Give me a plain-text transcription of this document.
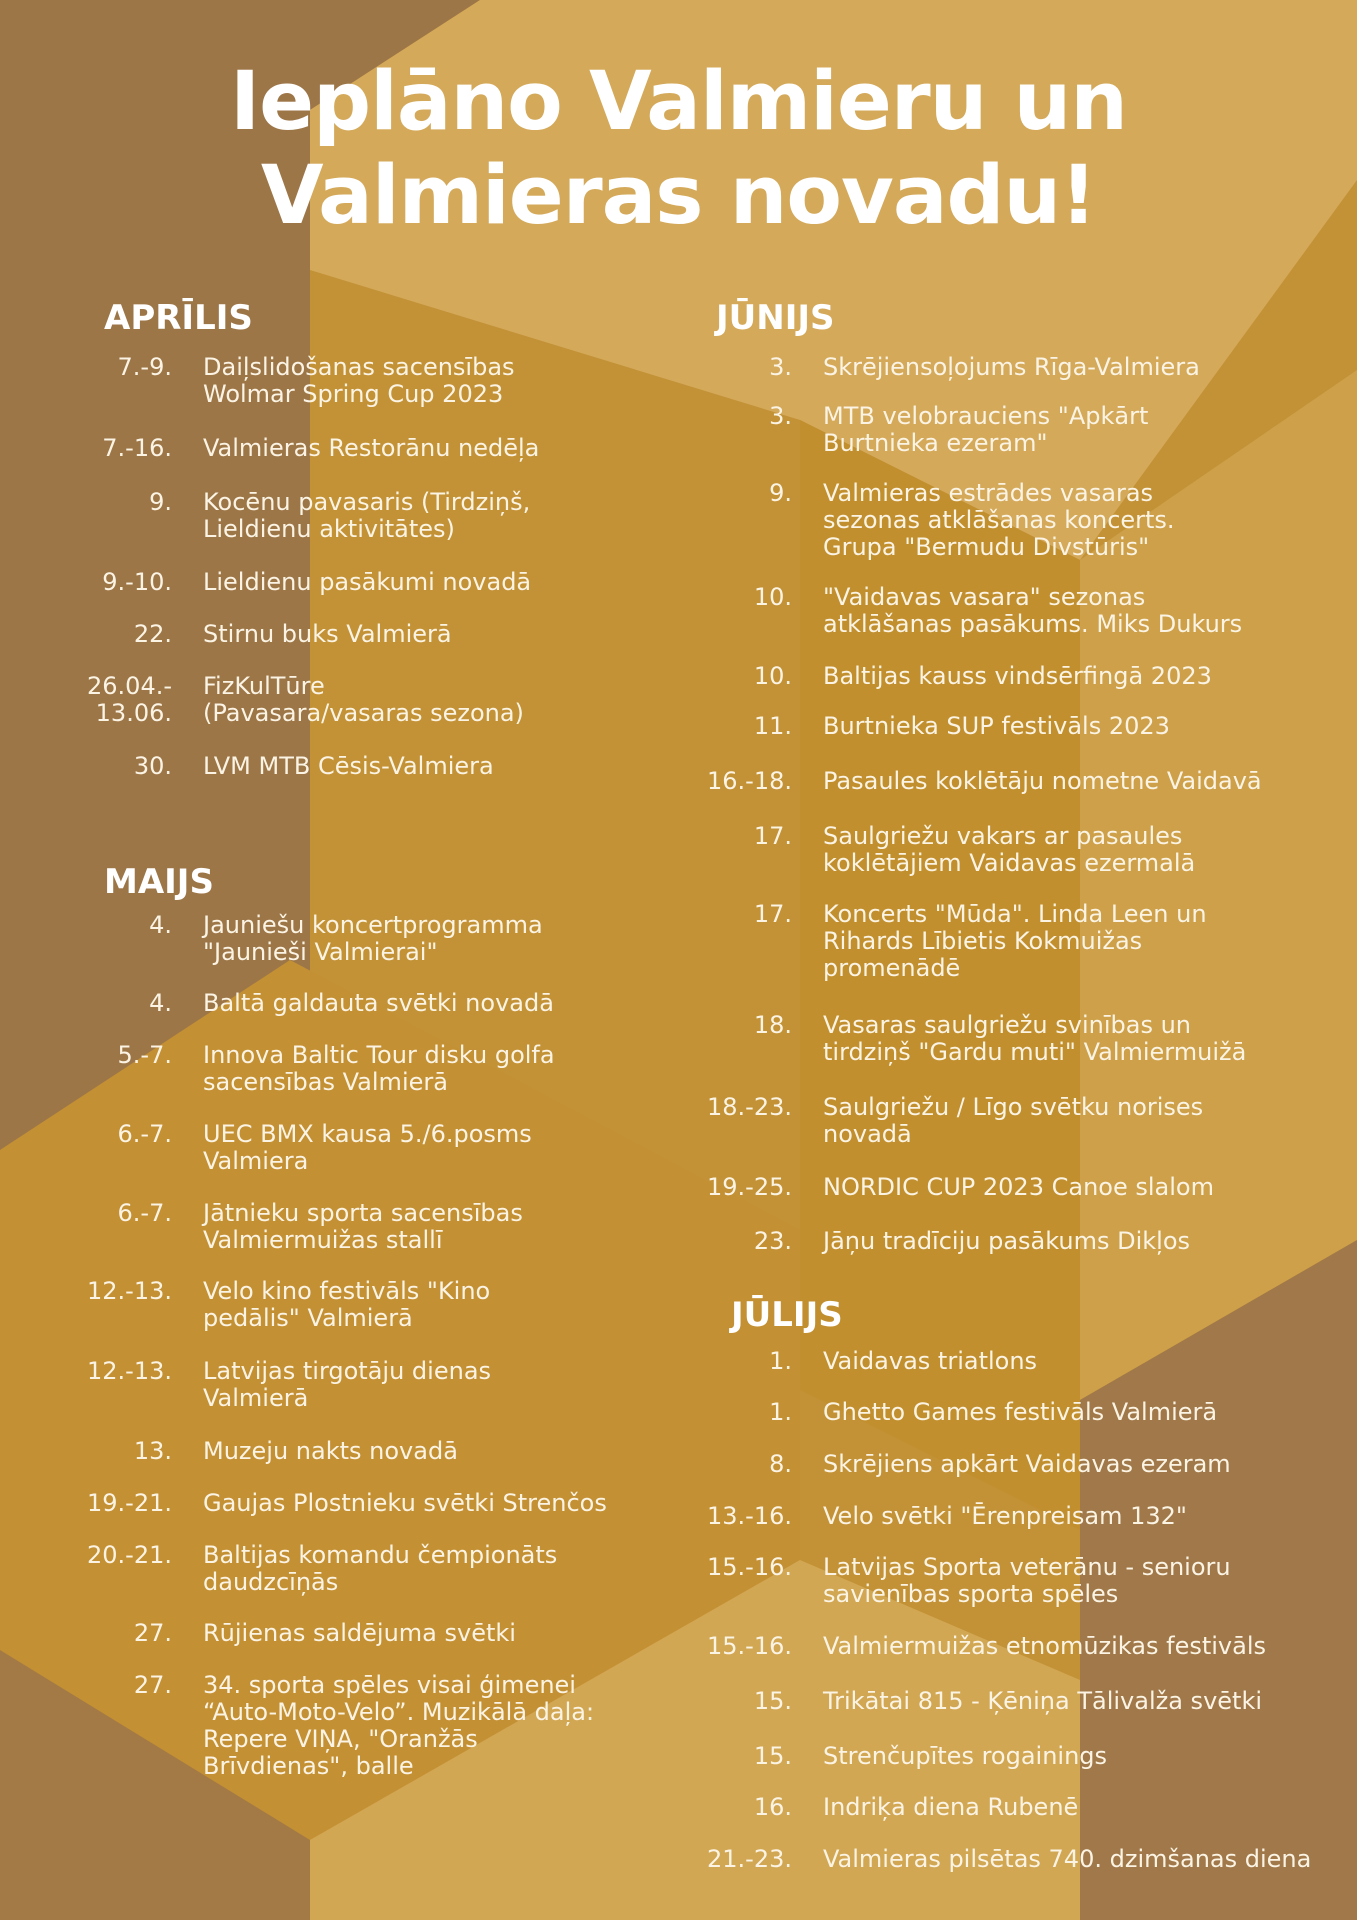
Ieplāno Valmieru un
Valmieras novadu!
APRĪLIS
MAIJS
JŪNIJS
JŪLIJS
7.-9. Daiļslidošanas sacensības
Wolmar Spring Cup 2023
7.-16. Valmieras Restorānu nedēļa
9. Kocēnu pavasaris (Tirdziņš,
Lieldienu aktivitātes)
9.-10. Lieldienu pasākumi novadā
22. Stirnu buks Valmierā
26.04.-
13.06.
FizKulTūre
(Pavasara/vasaras sezona)
30. LVM MTB Cēsis-Valmiera
4. Jauniešu koncertprogramma
"Jaunieši Valmierai"
4. Baltā galdauta svētki novadā
5.-7. Innova Baltic Tour disku golfa
sacensības Valmierā
6.-7. UEC BMX kausa 5./6.posms
Valmiera
6.-7. Jātnieku sporta sacensības
Valmiermuižas stallī
12.-13. Velo kino festivāls "Kino
pedālis" Valmierā
12.-13. Latvijas tirgotāju dienas
Valmierā
13. Muzeju nakts novadā
19.-21. Gaujas Plostnieku svētki Strenčos
20.-21. Baltijas komandu čempionāts
daudzcīņās
27. Rūjienas saldējuma svētki
27. 34. sporta spēles visai ģimenei
“Auto-Moto-Velo”. Muzikālā daļa:
Repere VIŅA, "Oranžās
Brīvdienas", balle
3. Skrējiensoļojums Rīga-Valmiera
3. MTB velobrauciens "Apkārt
Burtnieka ezeram"
9. Valmieras estrādes vasaras
sezonas atklāšanas koncerts.
Grupa "Bermudu Divstūris"
10. "Vaidavas vasara" sezonas
atklāšanas pasākums. Miks Dukurs
10. Baltijas kauss vindsērfingā 2023
11. Burtnieka SUP festivāls 2023
16.-18. Pasaules koklētāju nometne Vaidavā
17. Saulgriežu vakars ar pasaules
koklētājiem Vaidavas ezermalā
17. Koncerts "Mūda". Linda Leen un
Rihards Lībietis Kokmuižas
promenādē
18. Vasaras saulgriežu svinības un
tirdziņš "Gardu muti" Valmiermuižā
18.-23. Saulgriežu / Līgo svētku norises
novadā
19.-25. NORDIC CUP 2023 Canoe slalom
23. Jāņu tradīciju pasākums Dikļos
1. Vaidavas triatlons
1. Ghetto Games festivāls Valmierā
8. Skrējiens apkārt Vaidavas ezeram
13.-16. Velo svētki "Ērenpreisam 132"
15.-16. Latvijas Sporta veterānu - senioru
savienības sporta spēles
15.-16. Valmiermuižas etnomūzikas festivāls
15. Trikātai 815 - Ķēniņa Tālivalža svētki
15. Strenčupītes rogainings
16. Indriķa diena Rubenē
21.-23. Valmieras pilsētas 740. dzimšanas diena
